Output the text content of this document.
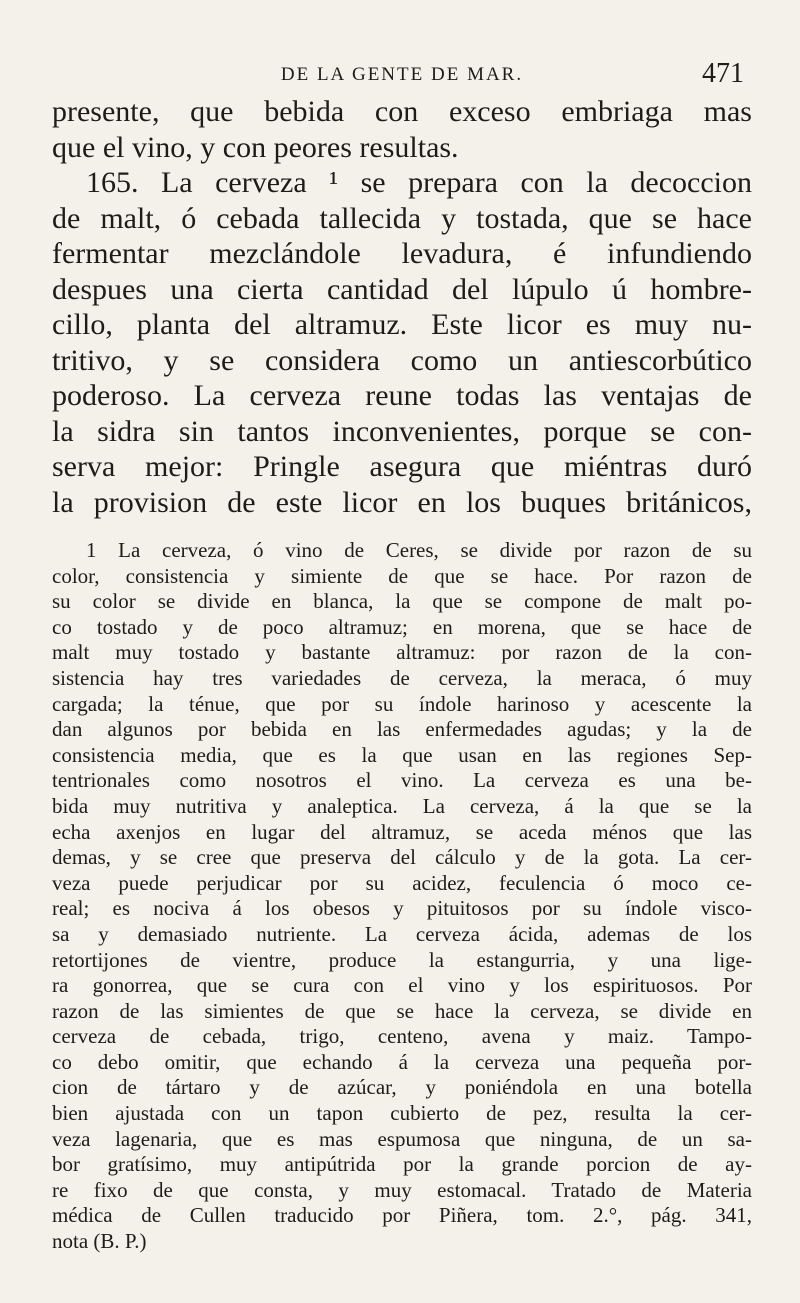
DE LA GENTE DE MAR.	471
presente, que bebida con exceso embriaga mas
que el vino, y con peores resultas.
165. La cerveza ¹ se prepara con la decoccion
de malt, ó cebada tallecida y tostada, que se hace
fermentar mezclándole levadura, é infundiendo
despues una cierta cantidad del lúpulo ú hombre-
cillo, planta del altramuz. Este licor es muy nu-
tritivo, y se considera como un antiescorbútico
poderoso. La cerveza reune todas las ventajas de
la sidra sin tantos inconvenientes, porque se con-
serva mejor: Pringle asegura que miéntras duró
la provision de este licor en los buques británicos,
1 La cerveza, ó vino de Ceres, se divide por razon de su
color, consistencia y simiente de que se hace. Por razon de
su color se divide en blanca, la que se compone de malt po-
co tostado y de poco altramuz; en morena, que se hace de
malt muy tostado y bastante altramuz: por razon de la con-
sistencia hay tres variedades de cerveza, la meraca, ó muy
cargada; la ténue, que por su índole harinoso y acescente la
dan algunos por bebida en las enfermedades agudas; y la de
consistencia media, que es la que usan en las regiones Sep-
tentrionales como nosotros el vino. La cerveza es una be-
bida muy nutritiva y analeptica. La cerveza, á la que se la
echa axenjos en lugar del altramuz, se aceda ménos que las
demas, y se cree que preserva del cálculo y de la gota. La cer-
veza puede perjudicar por su acidez, feculencia ó moco ce-
real; es nociva á los obesos y pituitosos por su índole visco-
sa y demasiado nutriente. La cerveza ácida, ademas de los
retortijones de vientre, produce la estangurria, y una lige-
ra gonorrea, que se cura con el vino y los espirituosos. Por
razon de las simientes de que se hace la cerveza, se divide en
cerveza de cebada, trigo, centeno, avena y maiz. Tampo-
co debo omitir, que echando á la cerveza una pequeña por-
cion de tártaro y de azúcar, y poniéndola en una botella
bien ajustada con un tapon cubierto de pez, resulta la cer-
veza lagenaria, que es mas espumosa que ninguna, de un sa-
bor gratísimo, muy antipútrida por la grande porcion de ay-
re fixo de que consta, y muy estomacal. Tratado de Materia
médica de Cullen traducido por Piñera, tom. 2.°, pág. 341,
nota (B. P.)
